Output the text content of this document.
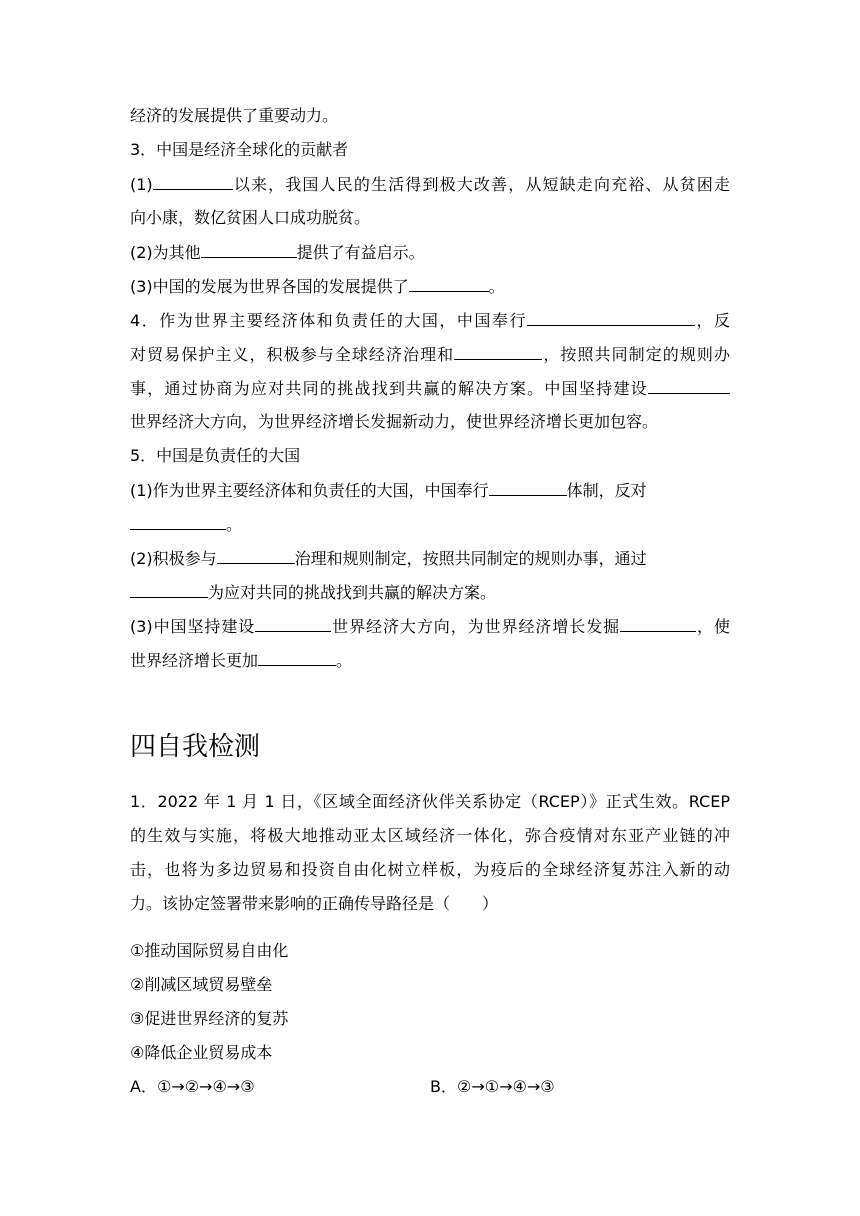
经济的发展提供了重要动力。
3．中国是经济全球化的贡献者
(1)	以来，我国人民的生活得到极大改善，从短缺走向充裕、从贫困走
向小康，数亿贫困人口成功脱贫。
(2)为其他	提供了有益启示。
(3)中国的发展为世界各国的发展提供了	。
4．作为世界主要经济体和负责任的大国，中国奉行	，反
对贸易保护主义，积极参与全球经济治理和	，按照共同制定的规则办
事，通过协商为应对共同的挑战找到共赢的解决方案。中国坚持建设
世界经济大方向，为世界经济增长发掘新动力，使世界经济增长更加包容。
5．中国是负责任的大国
(1)作为世界主要经济体和负责任的大国，中国奉行	体制，反对
。
(2)积极参与	治理和规则制定，按照共同制定的规则办事，通过
为应对共同的挑战找到共赢的解决方案。
(3)中国坚持建设	世界经济大方向，为世界经济增长发掘	，使
世界经济增长更加	。
四自我检测
1．2022 年 1 月 1 日，《区域全面经济伙伴关系协定（RCEP）》正式生效。RCEP
的生效与实施，将极大地推动亚太区域经济一体化，弥合疫情对东亚产业链的冲
击，也将为多边贸易和投资自由化树立样板，为疫后的全球经济复苏注入新的动
力。该协定签署带来影响的正确传导路径是（　　）
①推动国际贸易自由化
②削减区域贸易壁垒
③促进世界经济的复苏
④降低企业贸易成本
A．①→②→④→③	B．②→①→④→③
